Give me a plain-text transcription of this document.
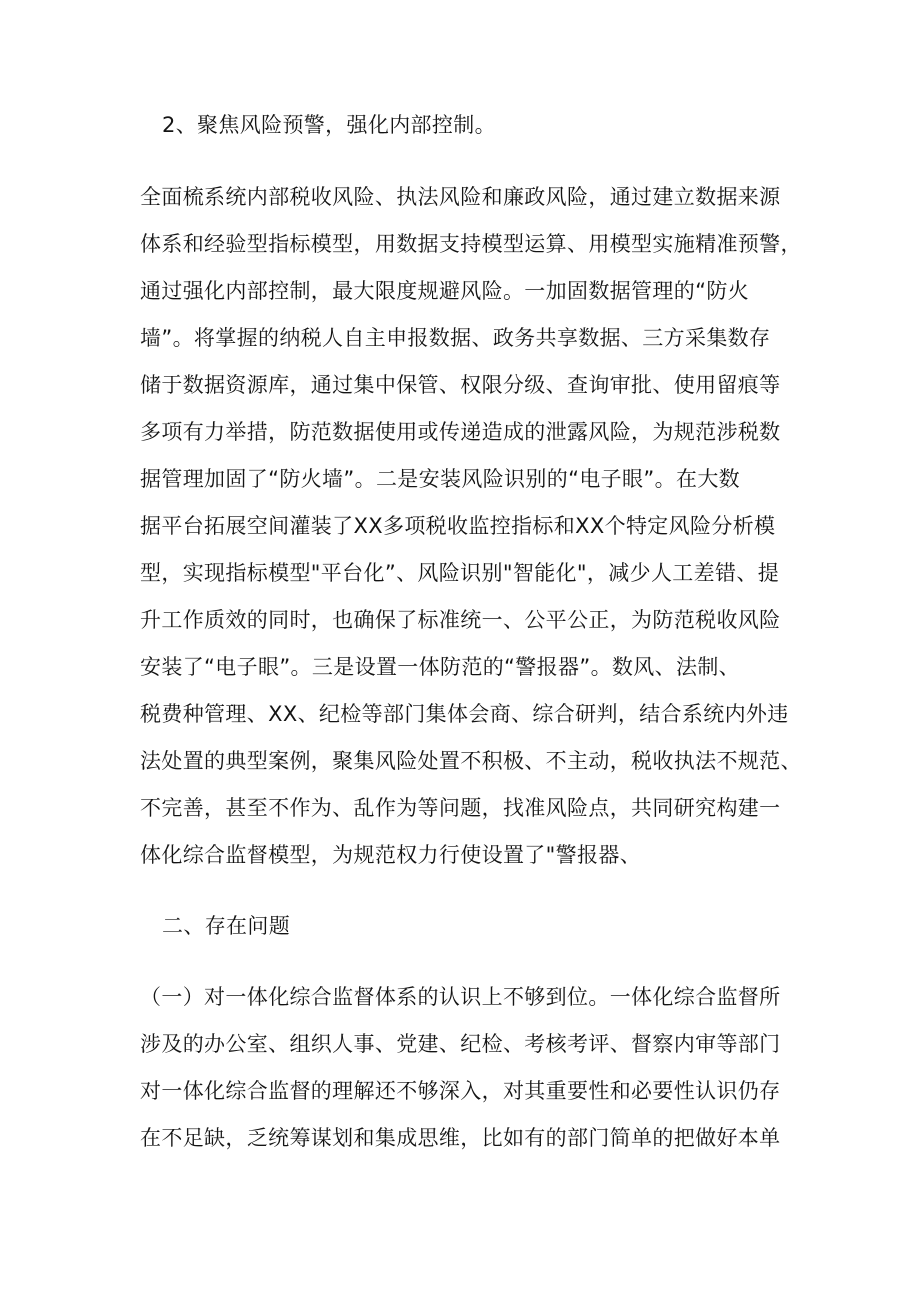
2、聚焦风险预警，强化内部控制。

全面梳系统内部税收风险、执法风险和廉政风险，通过建立数据来源

体系和经验型指标模型，用数据支持模型运算、用模型实施精准预警，

通过强化内部控制，最大限度规避风险。一加固数据管理的“防火

墙”。将掌握的纳税人自主申报数据、政务共享数据、三方采集数存

储于数据资源库，通过集中保管、权限分级、查询审批、使用留痕等

多项有力举措，防范数据使用或传递造成的泄露风险，为规范涉税数

据管理加固了“防火墙”。二是安装风险识别的“电子眼”。在大数

据平台拓展空间灌装了XX多项税收监控指标和XX个特定风险分析模

型，实现指标模型"平台化”、风险识别"智能化"，减少人工差错、提

升工作质效的同时，也确保了标准统一、公平公正，为防范税收风险

安装了“电子眼”。三是设置一体防范的“警报器”。数风、法制、

税费种管理、XX、纪检等部门集体会商、综合研判，结合系统内外违

法处置的典型案例，聚集风险处置不积极、不主动，税收执法不规范、

不完善，甚至不作为、乱作为等问题，找准风险点，共同研究构建一

体化综合监督模型，为规范权力行使设置了"警报器、

二、存在问题

（一）对一体化综合监督体系的认识上不够到位。一体化综合监督所

涉及的办公室、组织人事、党建、纪检、考核考评、督察内审等部门

对一体化综合监督的理解还不够深入，对其重要性和必要性认识仍存

在不足缺，乏统筹谋划和集成思维，比如有的部门简单的把做好本单
